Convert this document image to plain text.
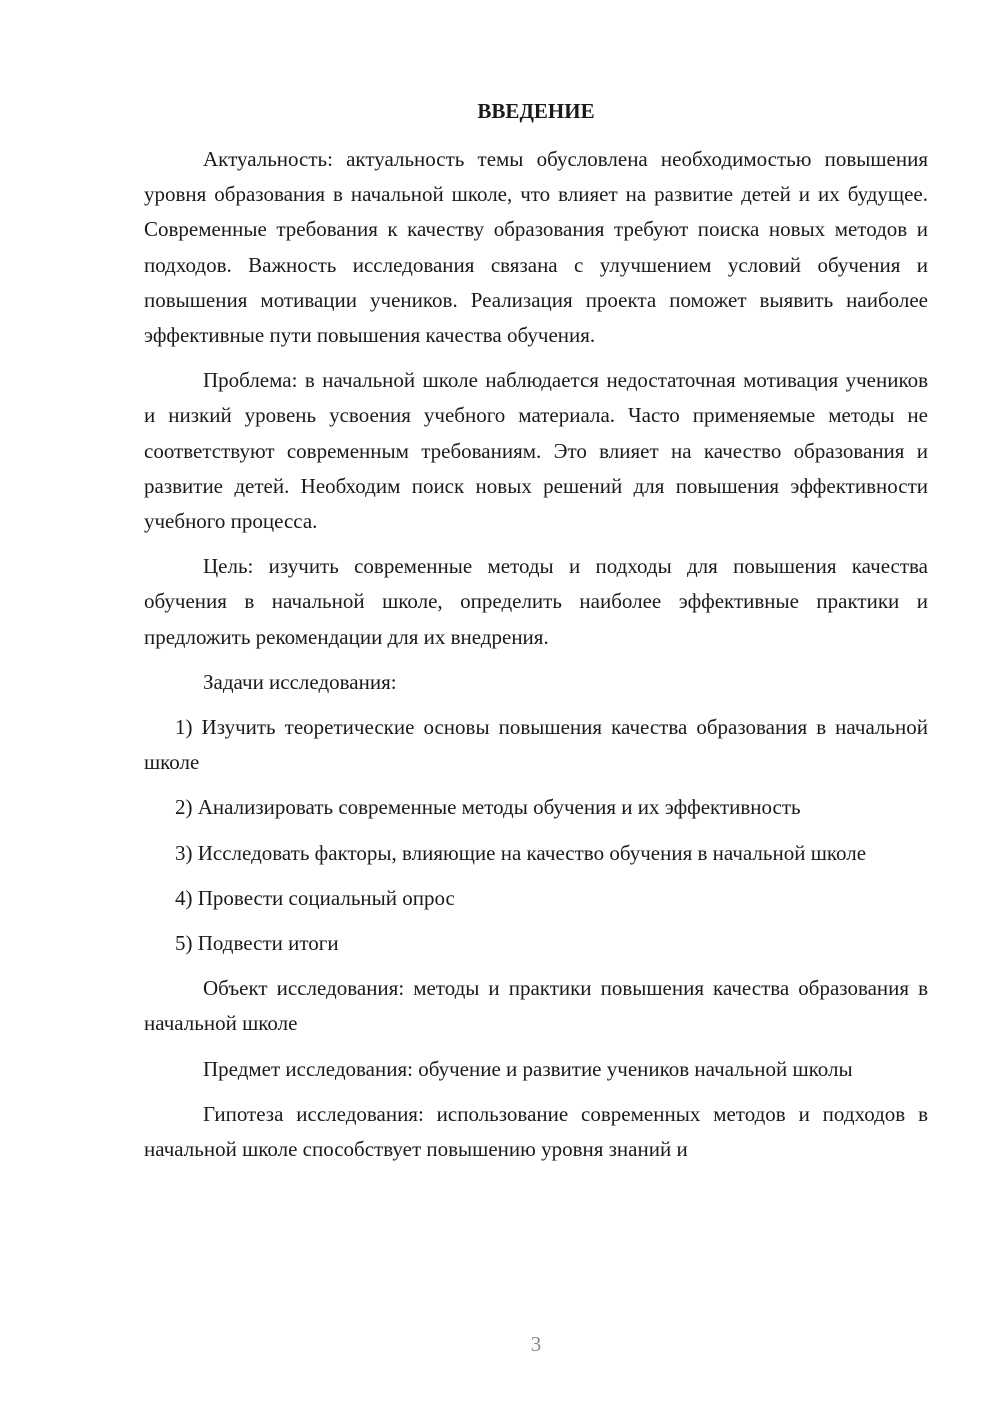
ВВЕДЕНИЕ

Актуальность: актуальность темы обусловлена необходимостью повышения уровня образования в начальной школе, что влияет на развитие детей и их будущее. Современные требования к качеству образования требуют поиска новых методов и подходов. Важность исследования связана с улучшением условий обучения и повышения мотивации учеников. Реализация проекта поможет выявить наиболее эффективные пути повышения качества обучения.

Проблема: в начальной школе наблюдается недостаточная мотивация учеников и низкий уровень усвоения учебного материала. Часто применяемые методы не соответствуют современным требованиям. Это влияет на качество образования и развитие детей. Необходим поиск новых решений для повышения эффективности учебного процесса.

Цель: изучить современные методы и подходы для повышения качества обучения в начальной школе, определить наиболее эффективные практики и предложить рекомендации для их внедрения.

Задачи исследования:

1) Изучить теоретические основы повышения качества образования в начальной школе

2) Анализировать современные методы обучения и их эффективность

3) Исследовать факторы, влияющие на качество обучения в начальной школе

4) Провести социальный опрос

5) Подвести итоги

Объект исследования: методы и практики повышения качества образования в начальной школе

Предмет исследования: обучение и развитие учеников начальной школы

Гипотеза исследования: использование современных методов и подходов в начальной школе способствует повышению уровня знаний и

3
